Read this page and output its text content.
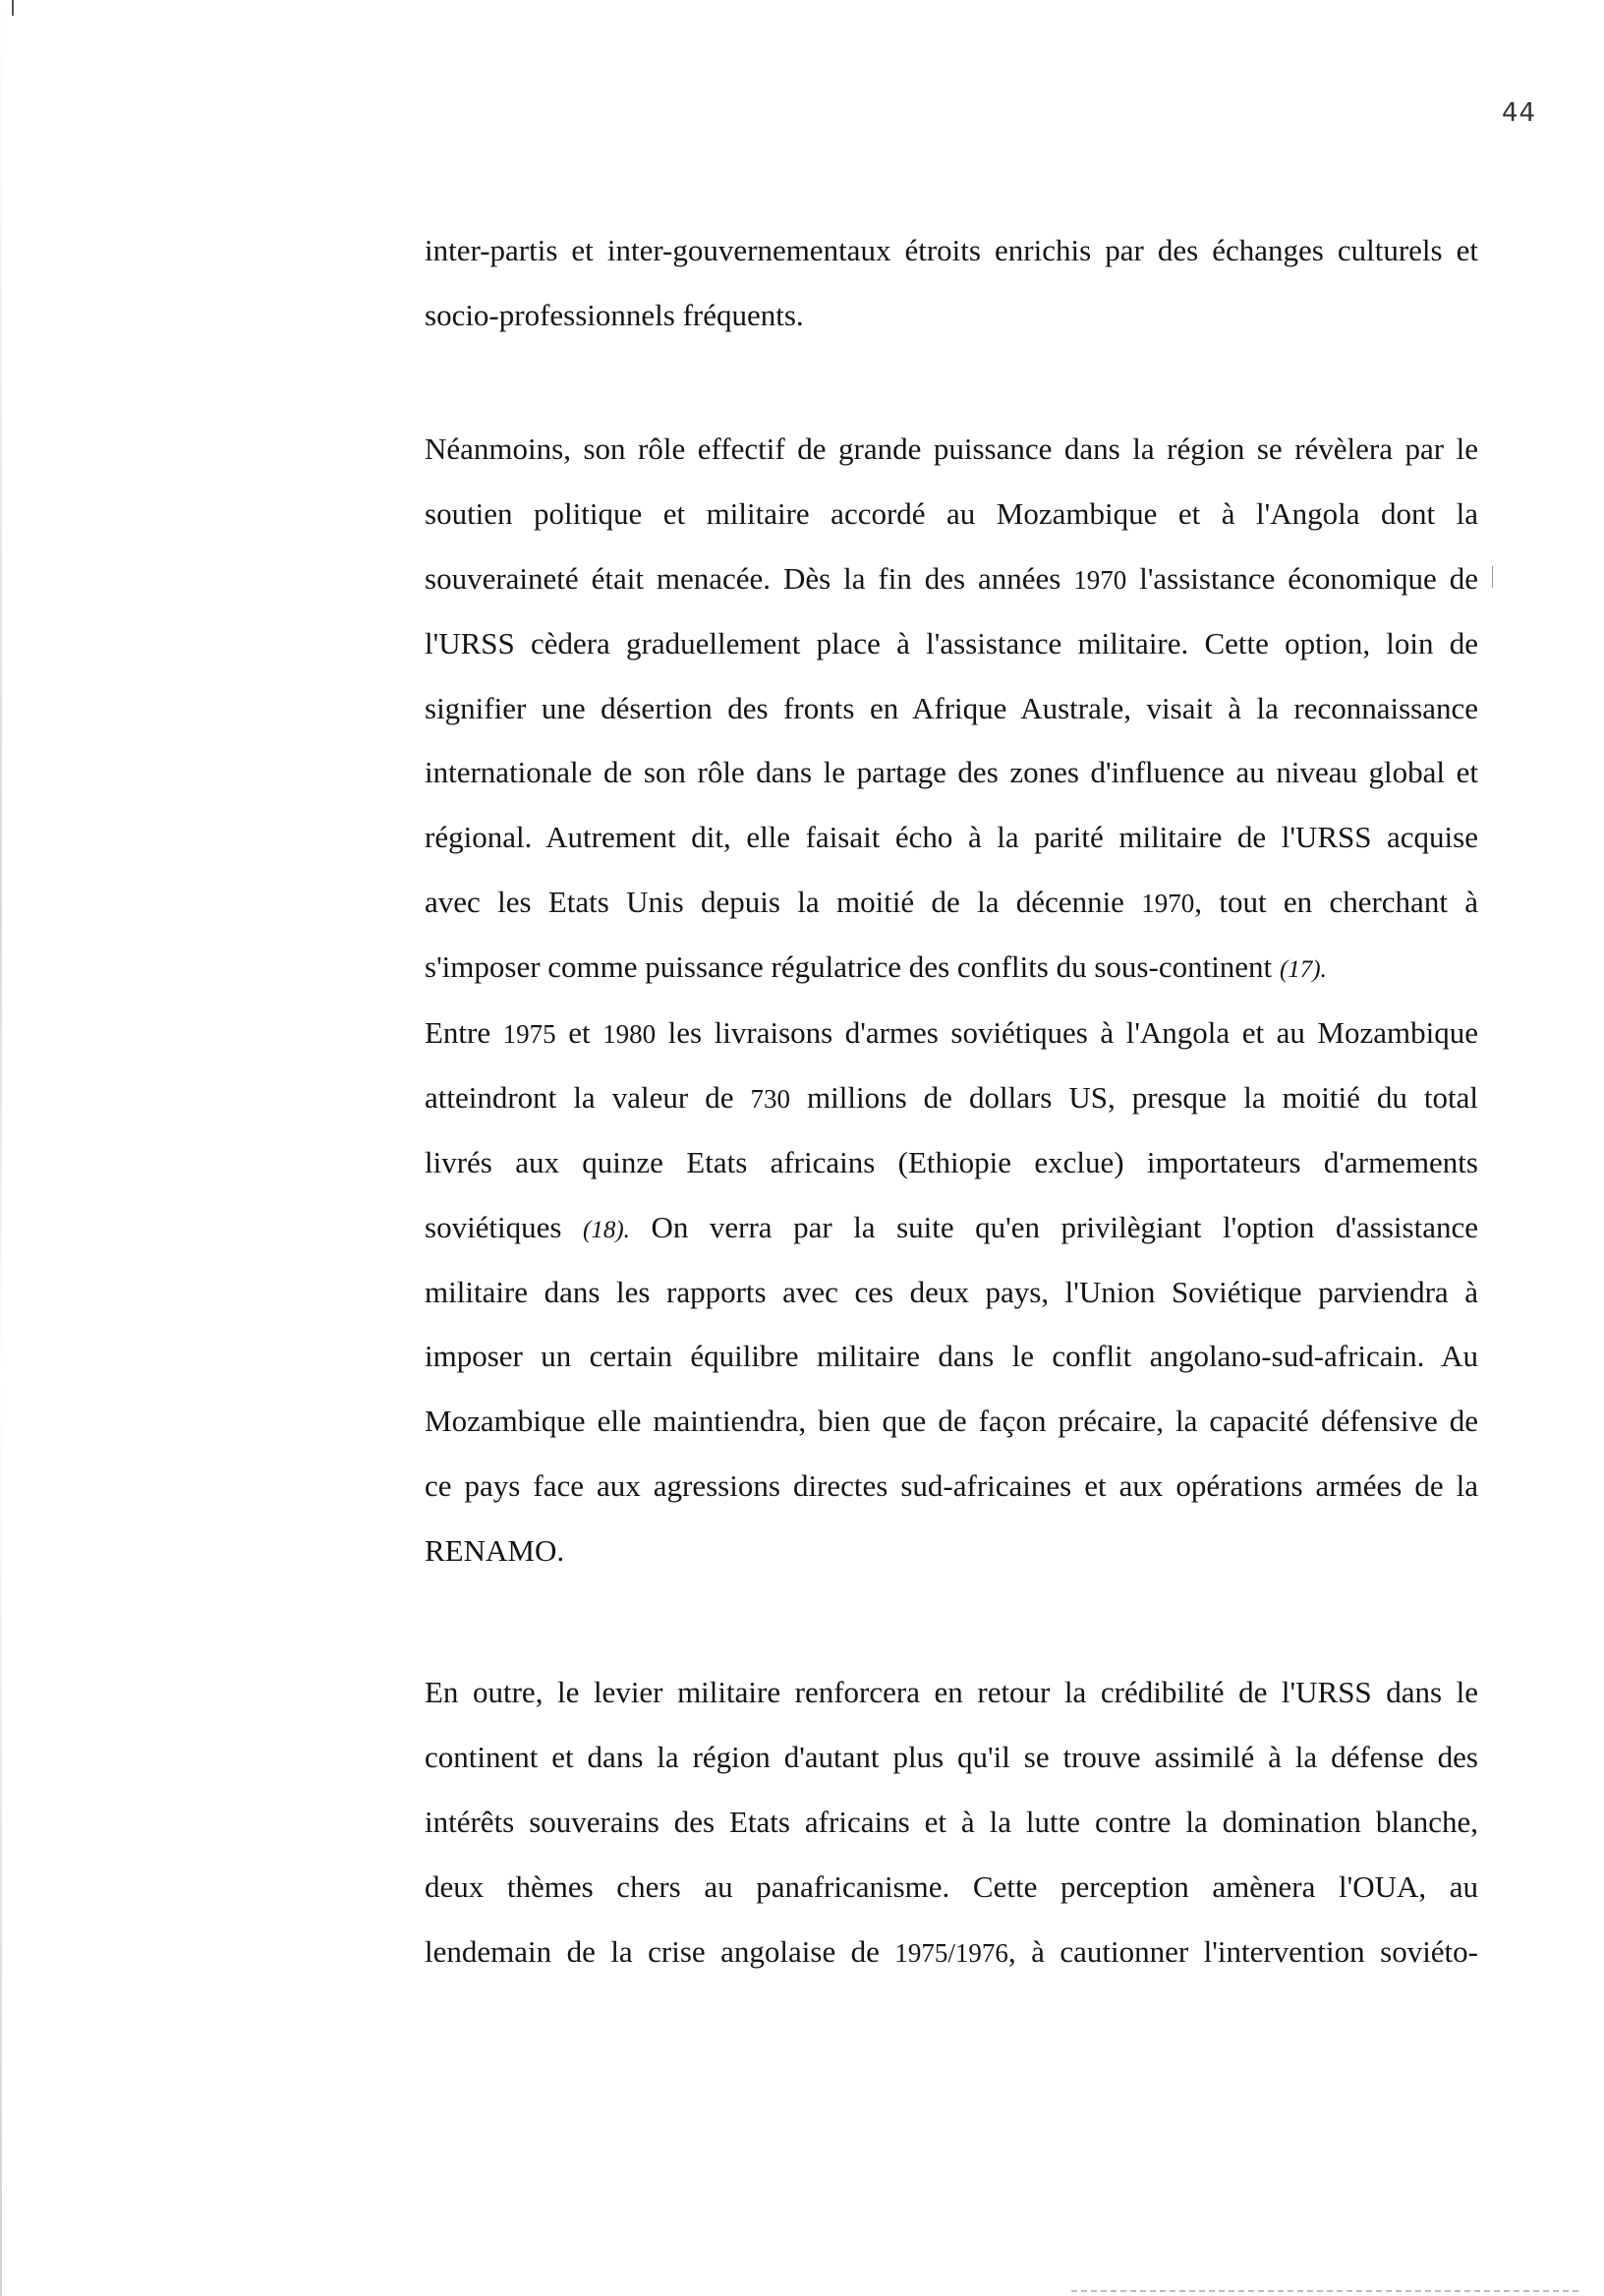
44
inter-partis et inter-gouvernementaux étroits enrichis par des échanges culturels et
socio-professionnels fréquents.
Néanmoins, son rôle effectif de grande puissance dans la région se révèlera par le
soutien politique et militaire accordé au Mozambique et à l'Angola dont la
souveraineté était menacée. Dès la fin des années 1970 l'assistance économique de
l'URSS cèdera graduellement place à l'assistance militaire. Cette option, loin de
signifier une désertion des fronts en Afrique Australe, visait à la reconnaissance
internationale de son rôle dans le partage des zones d'influence au niveau global et
régional. Autrement dit, elle faisait écho à la parité militaire de l'URSS acquise
avec les Etats Unis depuis la moitié de la décennie 1970, tout en cherchant à
s'imposer comme puissance régulatrice des conflits du sous-continent (17).
Entre 1975 et 1980 les livraisons d'armes soviétiques à l'Angola et au Mozambique
atteindront la valeur de 730 millions de dollars US, presque la moitié du total
livrés aux quinze Etats africains (Ethiopie exclue) importateurs d'armements
soviétiques (18). On verra par la suite qu'en privilègiant l'option d'assistance
militaire dans les rapports avec ces deux pays, l'Union Soviétique parviendra à
imposer un certain équilibre militaire dans le conflit angolano-sud-africain. Au
Mozambique elle maintiendra, bien que de façon précaire, la capacité défensive de
ce pays face aux agressions directes sud-africaines et aux opérations armées de la
RENAMO.
En outre, le levier militaire renforcera en retour la crédibilité de l'URSS dans le
continent et dans la région d'autant plus qu'il se trouve assimilé à la défense des
intérêts souverains des Etats africains et à la lutte contre la domination blanche,
deux thèmes chers au panafricanisme. Cette perception amènera l'OUA, au
lendemain de la crise angolaise de 1975/1976, à cautionner l'intervention soviéto-
